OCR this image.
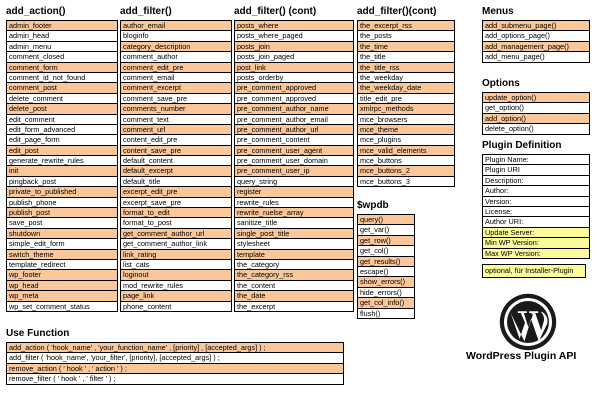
add_action()
admin_footer
admin_head
admin_menu
comment_closed
comment_form
comment_id_not_found
comment_post
delete_comment
delete_post
edit_comment
edit_form_advanced
edit_page_form
edit_post
generate_rewrite_rules
init
pingback_post
private_to_published
publish_phone
publish_post
save_post
shutdown
simple_edit_form
switch_theme
template_redirect
wp_footer
wp_head
wp_meta
wp_set_comment_status
add_filter()
author_email
bloginfo
category_description
comment_author
comment_edit_pre
comment_email
comment_excerpt
comment_save_pre
comments_number
comment_text
comment_url
content_edit_pre
content_save_pre
default_content
default_excerpt
default_title
excerpt_edit_pre
excerpt_save_pre
format_to_edit
format_to_post
get_comment_author_url
get_comment_author_link
link_rating
list_cats
loginout
mod_rewrite_rules
page_link
phone_content
add_filter() (cont)
posts_where
posts_where_paged
posts_join
posts_join_paged
post_link
posts_orderby
pre_comment_approved
pre_comment_approved
pre_comment_author_name
pre_comment_author_email
pre_comment_author_url
pre_comment_content
pre_comment_user_agent
pre_comment_user_domain
pre_comment_user_ip
query_string
register
rewrite_rules
rewrite_ruelse_array
sanitize_title
single_post_title
stylesheet
template
the_category
the_category_rss
the_content
the_date
the_excerpt
add_filter()(cont)
the_excerpt_rss
the_posts
the_time
the_title
the_title_rss
the_weekday
the_weekday_date
title_edit_pre
xmlrpc_methods
mce_browsers
mce_theme
mce_plugins
mce_valid_elements
mce_buttons
mce_buttons_2
mce_buttons_3
$wpdb
query()
get_var()
get_row()
get_col()
get_results()
escape()
show_errors()
hide_errors()
get_col_info()
flush()
Menus
add_submenu_page()
add_options_page()
add_management_page()
add_menu_page()
Options
update_option()
get_option()
add_option()
delete_option()
Plugin Definition
Plugin Name:
Plugin URI
Description:
Author:
Version:
License:
Author URI:
Update Server:
Min WP Version:
Max WP Version:
optional, für Installer-Plugin
Use Function
add_action ( 'hook_name' , 'your_function_name' , [priority] , [accepted_args] ) ;
add_filter ( 'hook_name', 'your_filter', [priority], [accepted_args] ) ;
remove_action ( ' hook ' , ' action ' ) ;
remove_filter ( ' hook ' , ' filter ' ) ;
WordPress Plugin API
